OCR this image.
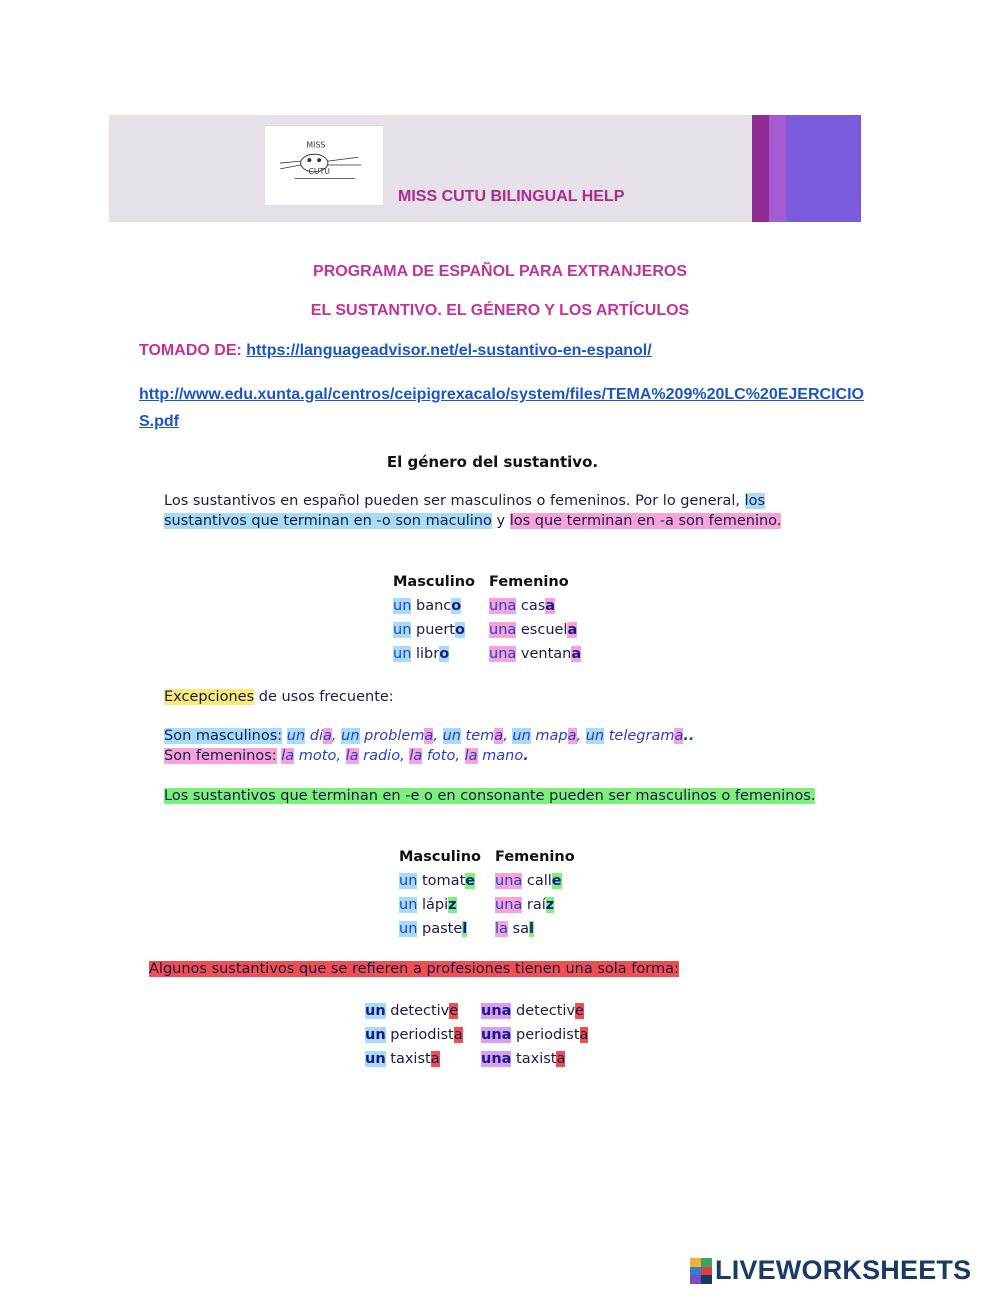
MISS
CUTU
MISS CUTU BILINGUAL HELP
PROGRAMA DE ESPAÑOL PARA EXTRANJEROS
EL SUSTANTIVO. EL GÉNERO Y LOS ARTÍCULOS
TOMADO DE: https://languageadvisor.net/el-sustantivo-en-espanol/
http://www.edu.xunta.gal/centros/ceipigrexacalo/system/files/TEMA%209%20LC%20EJERCICIOS.pdf
El género del sustantivo.
Los sustantivos en español pueden ser masculinos o femeninos. Por lo general, los sustantivos que terminan en -o son maculino y los que terminan en -a son femenino.
Masculino Femenino
un banco	una casa
un puerto	una escuela
un libro	una ventana
Excepciones de usos frecuente:
Son masculinos: un día, un problema, un tema, un mapa, un telegrama..
Son femeninos: la moto, la radio, la foto, la mano.
Los sustantivos que terminan en -e o en consonante pueden ser masculinos o femeninos.
Masculino Femenino
un tomate	una calle
un lápiz	una raíz
un pastel	la sal
Algunos sustantivos que se refieren a profesiones tienen una sola forma:
un detective	una detective
un periodista	una periodista
un taxista	una taxista
LIVEWORKSHEETS
